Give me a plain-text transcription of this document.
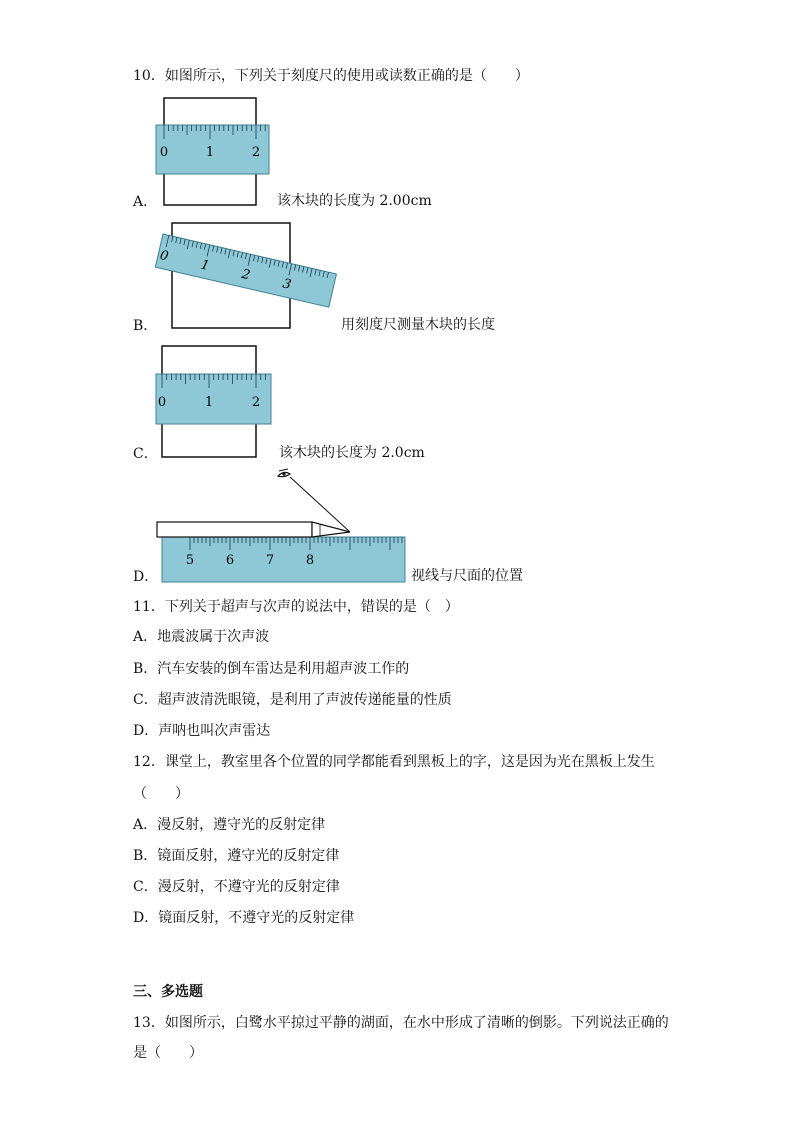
10．如图所示，下列关于刻度尺的使用或读数正确的是（　　）
0	1	2
A．	该木块的长度为 2.00cm
0
1
2
3
B．	用刻度尺测量木块的长度
0	1	2
C．	该木块的长度为 2.0cm
5 6 7 8
D．	视线与尺面的位置
11．下列关于超声与次声的说法中，错误的是（　）
A．地震波属于次声波
B．汽车安装的倒车雷达是利用超声波工作的
C．超声波清洗眼镜，是利用了声波传递能量的性质
D．声呐也叫次声雷达
12．课堂上，教室里各个位置的同学都能看到黑板上的字，这是因为光在黑板上发生
（　　）
A．漫反射，遵守光的反射定律
B．镜面反射，遵守光的反射定律
C．漫反射，不遵守光的反射定律
D．镜面反射，不遵守光的反射定律
三、多选题
13．如图所示，白鹭水平掠过平静的湖面，在水中形成了清晰的倒影。下列说法正确的
是（　　）
